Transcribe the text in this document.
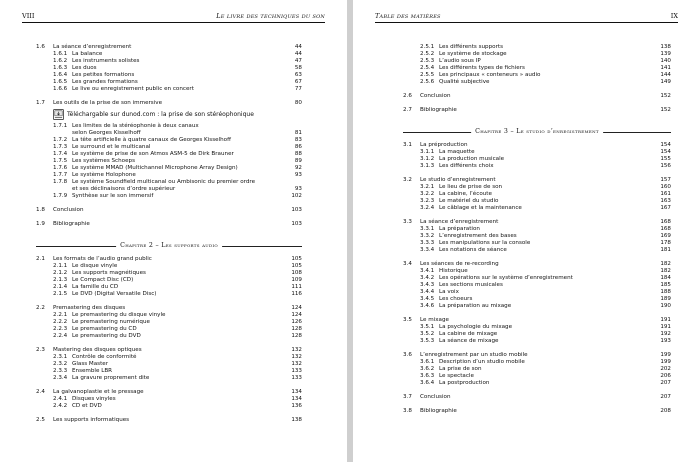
VIII	Le livre des techniques du son
1.6 La séance d’enregistrement	44
1.6.1 La balance	44
1.6.2 Les instruments solistes	47
1.6.3 Les duos	58
1.6.4 Les petites formations	63
1.6.5 Les grandes formations	67
1.6.6 Le live ou enregistrement public en concert	77
1.7 Les outils de la prise de son immersive	80
Téléchargable sur dunod.com : la prise de son stéréophonique
1.7.1 Les limites de la stéréophonie à deux canaux
selon Georges Kisselhoff	81
1.7.2 La tête artificielle à quatre canaux de Georges Kisselhoff	83
1.7.3 Le surround et le multicanal	86
1.7.4 Le système de prise de son Atmos ASM-5 de Dirk Brauner	88
1.7.5 Les systèmes Schoeps	89
1.7.6 Le système MMAD (Multichannel Microphone Array Design)	92
1.7.7 Le système Holophone	93
1.7.8 Le système Soundfield multicanal ou Ambisonic du premier ordre
et ses déclinaisons d’ordre supérieur	93
1.7.9 Synthèse sur le son immersif	102
1.8 Conclusion	103
1.9 Bibliographie	103
Chapitre 2 – Les supports audio
2.1 Les formats de l’audio grand public	105
2.1.1 Le disque vinyle	105
2.1.2 Les supports magnétiques	108
2.1.3 Le Compact Disc (CD)	109
2.1.4 La famille du CD	111
2.1.5 Le DVD (Digital Versatile Disc)	116
2.2 Premastering des disques	124
2.2.1 Le premastering du disque vinyle	124
2.2.2 Le premastering numérique	126
2.2.3 Le premastering du CD	128
2.2.4 Le premastering du DVD	128
2.3 Mastering des disques optiques	132
2.3.1 Contrôle de conformité	132
2.3.2 Glass Master	132
2.3.3 Ensemble LBR	133
2.3.4 La gravure proprement dite	133
2.4 La galvanoplastie et le pressage	134
2.4.1 Disques vinyles	134
2.4.2 CD et DVD	136
2.5 Les supports informatiques	138
Table des matières	IX
2.5.1 Les différents supports	138
2.5.2 Le système de stockage	139
2.5.3 L’audio sous IP	140
2.5.4 Les différents types de fichiers	141
2.5.5 Les principaux « conteneurs » audio	144
2.5.6 Qualité subjective	149
2.6 Conclusion	152
2.7 Bibliographie	152
Chapitre 3 – Le studio d’enregistrement
3.1 La préproduction	154
3.1.1 La maquette	154
3.1.2 La production musicale	155
3.1.3 Les différents choix	156
3.2 Le studio d’enregistrement	157
3.2.1 Le lieu de prise de son	160
3.2.2 La cabine, l’écoute	161
3.2.3 Le matériel du studio	163
3.2.4 Le câblage et la maintenance	167
3.3 La séance d’enregistrement	168
3.3.1 La préparation	168
3.3.2 L’enregistrement des bases	169
3.3.3 Les manipulations sur la console	178
3.3.4 Les notations de séance	181
3.4 Les séances de re-recording	182
3.4.1 Historique	182
3.4.2 Les opérations sur le système d’enregistrement	184
3.4.3 Les sections musicales	185
3.4.4 La voix	188
3.4.5 Les choeurs	189
3.4.6 La préparation au mixage	190
3.5 Le mixage	191
3.5.1 La psychologie du mixage	191
3.5.2 La cabine de mixage	192
3.5.3 La séance de mixage	193
3.6 L’enregistrement par un studio mobile	199
3.6.1 Description d’un studio mobile	199
3.6.2 La prise de son	202
3.6.3 Le spectacle	206
3.6.4 La postproduction	207
3.7 Conclusion	207
3.8 Bibliographie	208
